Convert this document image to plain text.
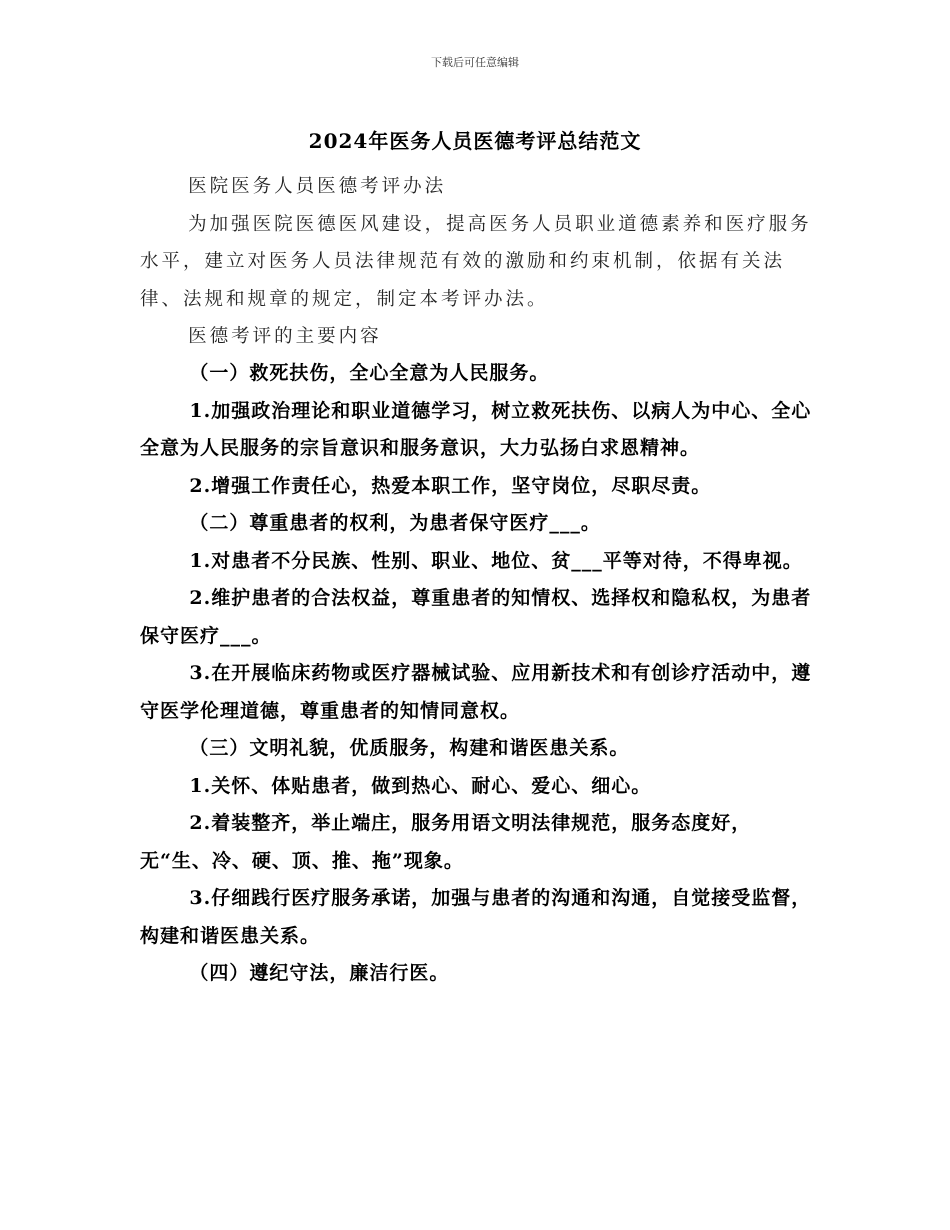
下载后可任意编辑
2024年医务人员医德考评总结范文

医院医务人员医德考评办法

为加强医院医德医风建设，提高医务人员职业道德素养和医疗服务水平，建立对医务人员法律规范有效的激励和约束机制，依据有关法律、法规和规章的规定，制定本考评办法。

医德考评的主要内容

（一）救死扶伤，全心全意为人民服务。

1.加强政治理论和职业道德学习，树立救死扶伤、以病人为中心、全心全意为人民服务的宗旨意识和服务意识，大力弘扬白求恩精神。

2.增强工作责任心，热爱本职工作，坚守岗位，尽职尽责。

（二）尊重患者的权利，为患者保守医疗___。

1.对患者不分民族、性别、职业、地位、贫___平等对待，不得卑视。

2.维护患者的合法权益，尊重患者的知情权、选择权和隐私权，为患者保守医疗___。

3.在开展临床药物或医疗器械试验、应用新技术和有创诊疗活动中，遵守医学伦理道德，尊重患者的知情同意权。

（三）文明礼貌，优质服务，构建和谐医患关系。

1.关怀、体贴患者，做到热心、耐心、爱心、细心。

2.着装整齐，举止端庄，服务用语文明法律规范，服务态度好，无“生、冷、硬、顶、推、拖”现象。

3.仔细践行医疗服务承诺，加强与患者的沟通和沟通，自觉接受监督，构建和谐医患关系。

（四）遵纪守法，廉洁行医。
